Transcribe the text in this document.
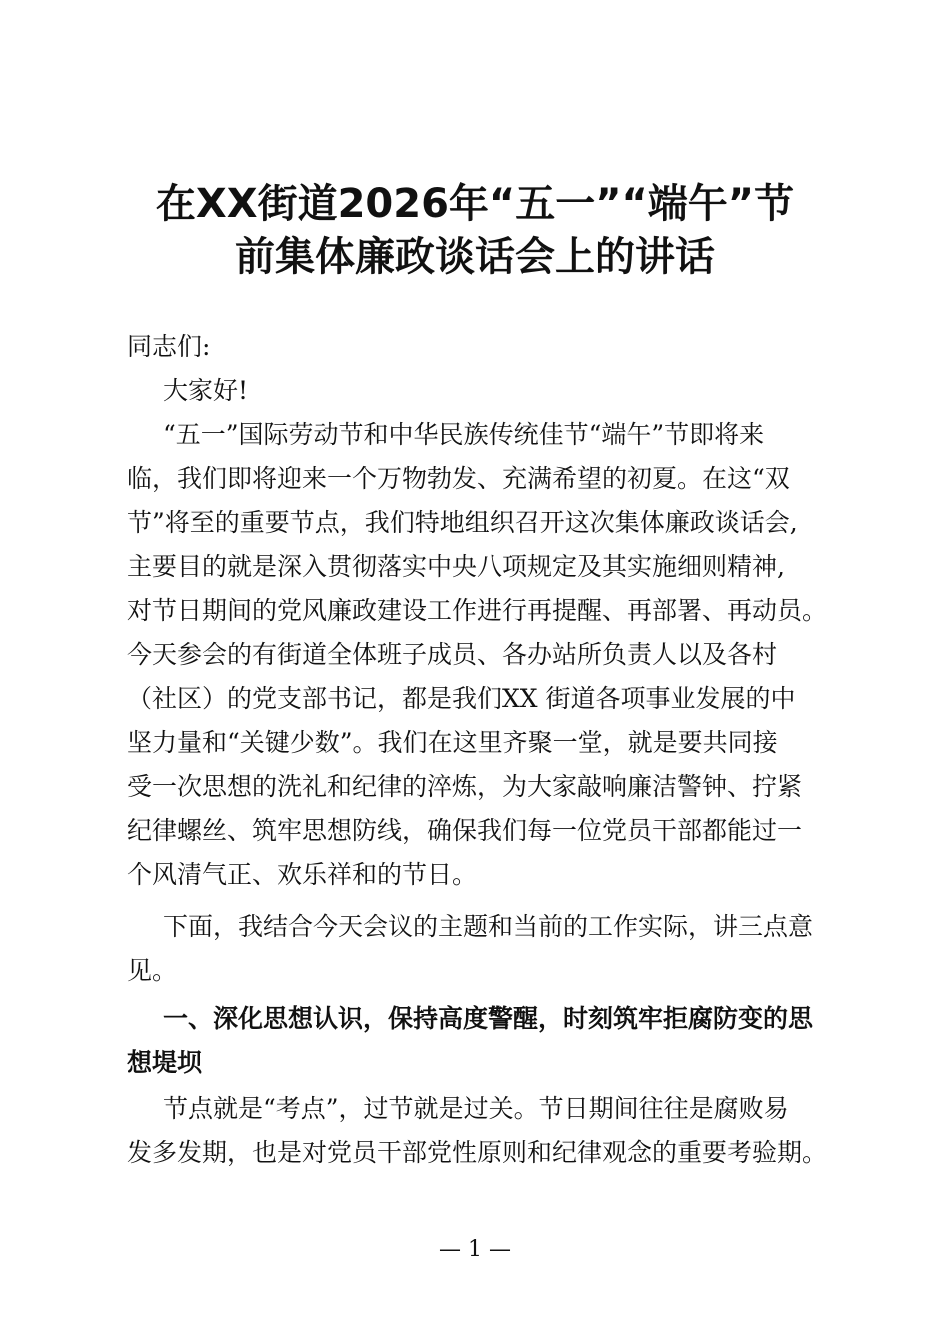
在XX街道2026年“五一”“端午”节
前集体廉政谈话会上的讲话
同志们:
大家好!
“五一”国际劳动节和中华民族传统佳节“端午”节即将来
临，我们即将迎来一个万物勃发、充满希望的初夏。在这“双
节”将至的重要节点，我们特地组织召开这次集体廉政谈话会,
主要目的就是深入贯彻落实中央八项规定及其实施细则精神,
对节日期间的党风廉政建设工作进行再提醒、再部署、再动员。
今天参会的有街道全体班子成员、各办站所负责人以及各村
（社区）的党支部书记，都是我们XX 街道各项事业发展的中
坚力量和“关键少数”。我们在这里齐聚一堂，就是要共同接
受一次思想的洗礼和纪律的淬炼，为大家敲响廉洁警钟、拧紧
纪律螺丝、筑牢思想防线，确保我们每一位党员干部都能过一
个风清气正、欢乐祥和的节日。
下面，我结合今天会议的主题和当前的工作实际，讲三点意
见。
一、深化思想认识，保持高度警醒，时刻筑牢拒腐防变的思
想堤坝
节点就是“考点”，过节就是过关。节日期间往往是腐败易
发多发期，也是对党员干部党性原则和纪律观念的重要考验期。
— 1 —
